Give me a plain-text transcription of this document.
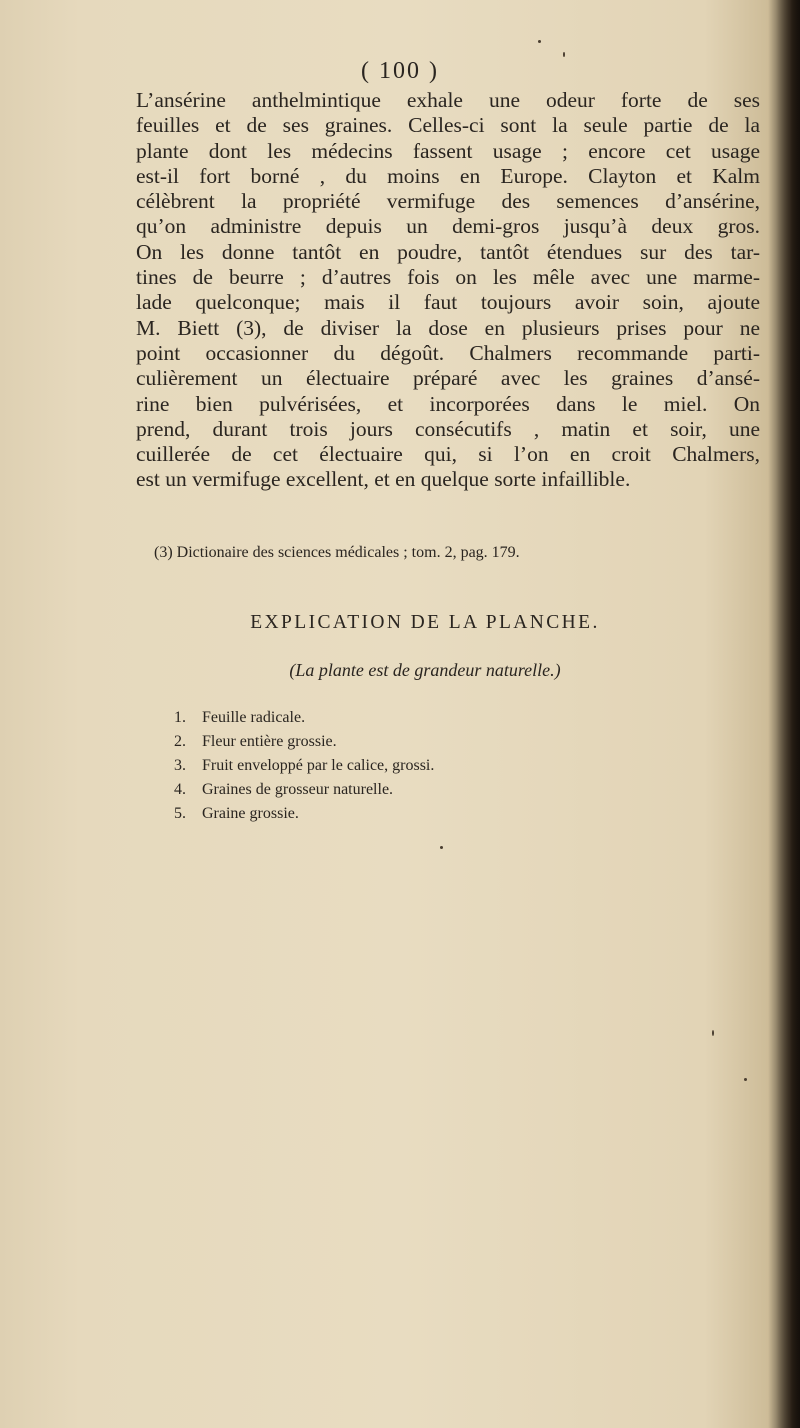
( 100 )
L’ansérine anthelmintique exhale une odeur forte de ses
feuilles et de ses graines. Celles-ci sont la seule partie de la
plante dont les médecins fassent usage ; encore cet usage
est-il fort borné , du moins en Europe. Clayton et Kalm
célèbrent la propriété vermifuge des semences d’ansérine,
qu’on administre depuis un demi-gros jusqu’à deux gros.
On les donne tantôt en poudre, tantôt étendues sur des tar-
tines de beurre ; d’autres fois on les mêle avec une marme-
lade quelconque; mais il faut toujours avoir soin, ajoute
M. Biett (3), de diviser la dose en plusieurs prises pour ne
point occasionner du dégoût. Chalmers recommande parti-
culièrement un électuaire préparé avec les graines d’ansé-
rine bien pulvérisées, et incorporées dans le miel. On
prend, durant trois jours consécutifs , matin et soir, une
cuillerée de cet électuaire qui, si l’on en croit Chalmers,
est un vermifuge excellent, et en quelque sorte infaillible.
(3) Dictionaire des sciences médicales ; tom. 2, pag. 179.
EXPLICATION DE LA PLANCHE.
(La plante est de grandeur naturelle.)
1. Feuille radicale.
2. Fleur entière grossie.
3. Fruit enveloppé par le calice, grossi.
4. Graines de grosseur naturelle.
5. Graine grossie.
